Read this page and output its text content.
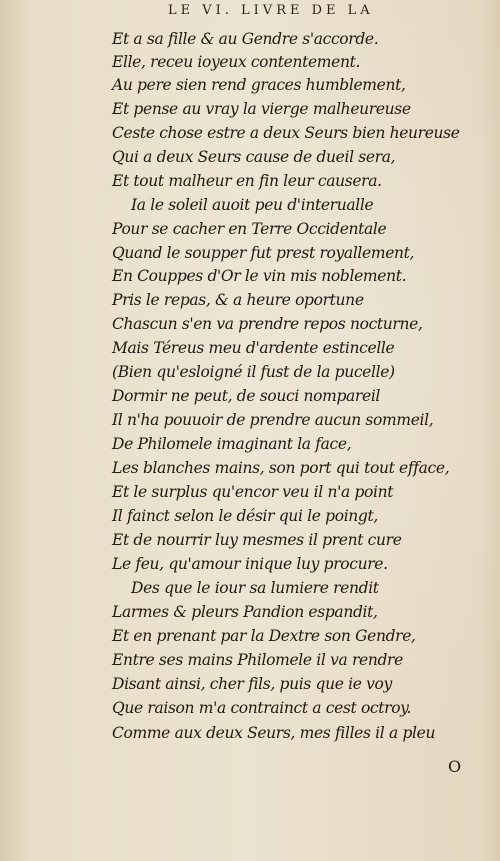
LE VI. LIVRE DE LA
Et a sa fille & au Gendre s'accorde.
Elle, receu ioyeux contentement.
Au pere sien rend graces humblement,
Et pense au vray la vierge malheureuse
Ceste chose estre a deux Seurs bien heureuse
Qui a deux Seurs cause de dueil sera,
Et tout malheur en fin leur causera.
Ia le soleil auoit peu d'interualle
Pour se cacher en Terre Occidentale
Quand le soupper fut prest royallement,
En Couppes d'Or le vin mis noblement.
Pris le repas, & a heure oportune
Chascun s'en va prendre repos nocturne,
Mais Téreus meu d'ardente estincelle
(Bien qu'esloigné il fust de la pucelle)
Dormir ne peut, de souci nompareil
Il n'ha pouuoir de prendre aucun sommeil,
De Philomele imaginant la face,
Les blanches mains, son port qui tout efface,
Et le surplus qu'encor veu il n'a point
Il fainct selon le désir qui le poingt,
Et de nourrir luy mesmes il prent cure
Le feu, qu'amour inique luy procure.
Des que le iour sa lumiere rendit
Larmes & pleurs Pandion espandit,
Et en prenant par la Dextre son Gendre,
Entre ses mains Philomele il va rendre
Disant ainsi, cher fils, puis que ie voy
Que raison m'a contrainct a cest octroy.
Comme aux deux Seurs, mes filles il a pleu
O
